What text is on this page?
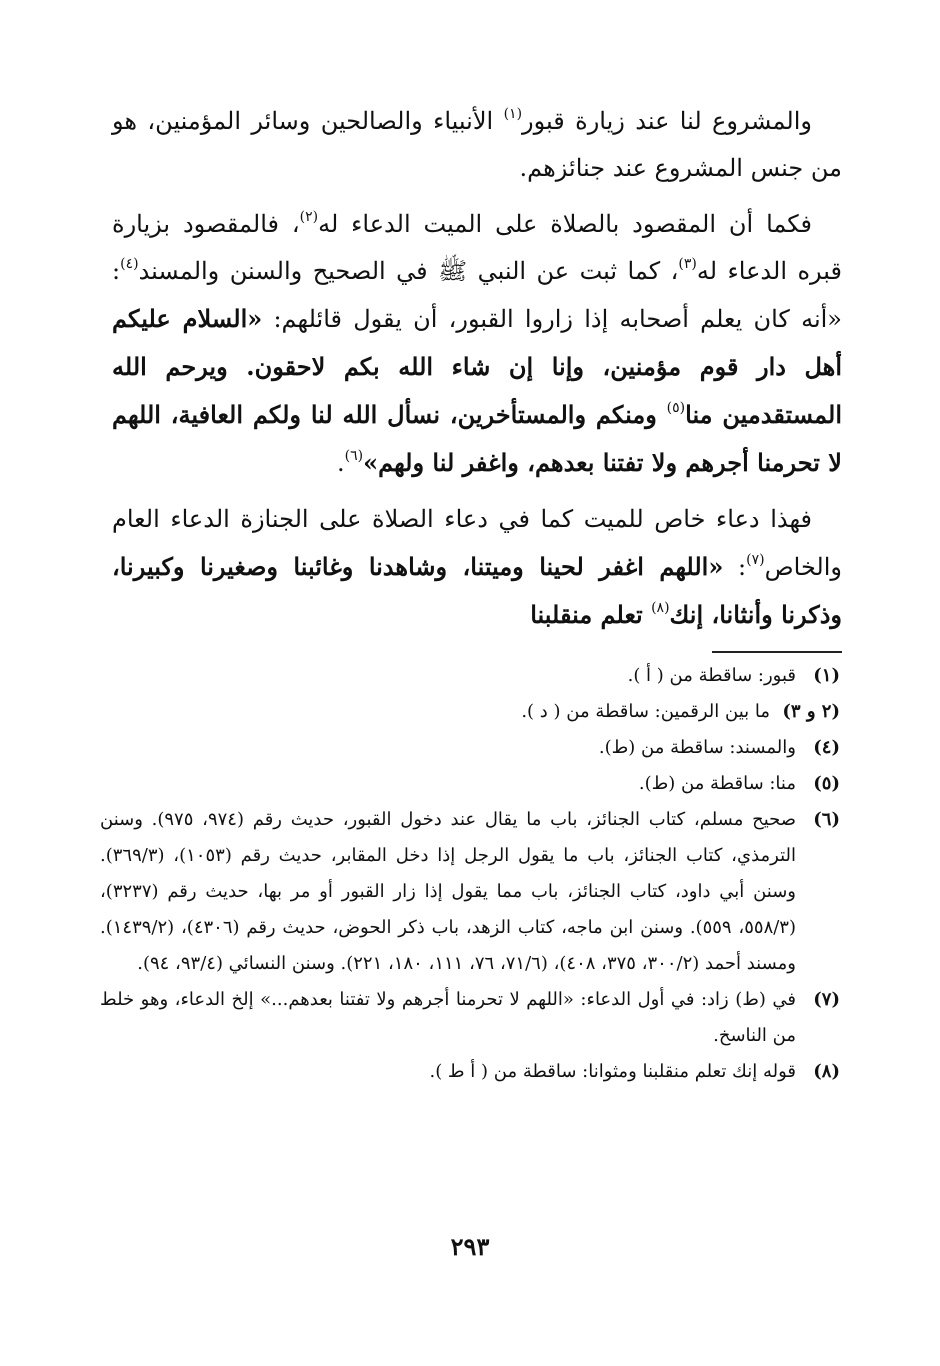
والمشروع لنا عند زيارة قبور$^{(١)}$ الأنبياء والصالحين وسائر المؤمنين، هو من جنس المشروع عند جنائزهم.

فكما أن المقصود بالصلاة على الميت الدعاء له$^{(٢)}$، فالمقصود بزيارة قبره الدعاء له$^{(٣)}$، كما ثبت عن النبي ﷺ في الصحيح والسنن والمسند$^{(٤)}$: «أنه كان يعلم أصحابه إذا زاروا القبور، أن يقول قائلهم: «السلام عليكم أهل دار قوم مؤمنين، وإنا إن شاء الله بكم لاحقون. ويرحم الله المستقدمين منا$^{(٥)}$ ومنكم والمستأخرين، نسأل الله لنا ولكم العافية، اللهم لا تحرمنا أجرهم ولا تفتنا بعدهم، واغفر لنا ولهم»$^{(٦)}$.

فهذا دعاء خاص للميت كما في دعاء الصلاة على الجنازة الدعاء العام والخاص$^{(٧)}$: «اللهم اغفر لحينا وميتنا، وشاهدنا وغائبنا وصغيرنا وكبيرنا، وذكرنا وأنثانا، إنك$^{(٨)}$ تعلم منقلبنا

(١)
قبور: ساقطة من ( أ ).
(٢ و ٣)
ما بين الرقمين: ساقطة من ( د ).
(٤)
والمسند: ساقطة من (ط).
(٥)
منا: ساقطة من (ط).
(٦)
صحيح مسلم، كتاب الجنائز، باب ما يقال عند دخول القبور، حديث رقم (٩٧٤، ٩٧٥). وسنن الترمذي، كتاب الجنائز، باب ما يقول الرجل إذا دخل المقابر، حديث رقم (١٠٥٣)، (٣٦٩/٣). وسنن أبي داود، كتاب الجنائز، باب مما يقول إذا زار القبور أو مر بها، حديث رقم (٣٢٣٧)، (٥٥٨/٣، ٥٥٩). وسنن ابن ماجه، كتاب الزهد، باب ذكر الحوض، حديث رقم (٤٣٠٦)، (١٤٣٩/٢). ومسند أحمد (٣٠٠/٢، ٣٧٥، ٤٠٨)، (٧١/٦، ٧٦، ١١١، ١٨٠، ٢٢١). وسنن النسائي (٩٣/٤، ٩٤).
(٧)
في (ط) زاد: في أول الدعاء: «اللهم لا تحرمنا أجرهم ولا تفتنا بعدهم...» إلخ الدعاء، وهو خلط من الناسخ.
(٨)
قوله إنك تعلم منقلبنا ومثوانا: ساقطة من ( أ ط ).
٢٩٣
